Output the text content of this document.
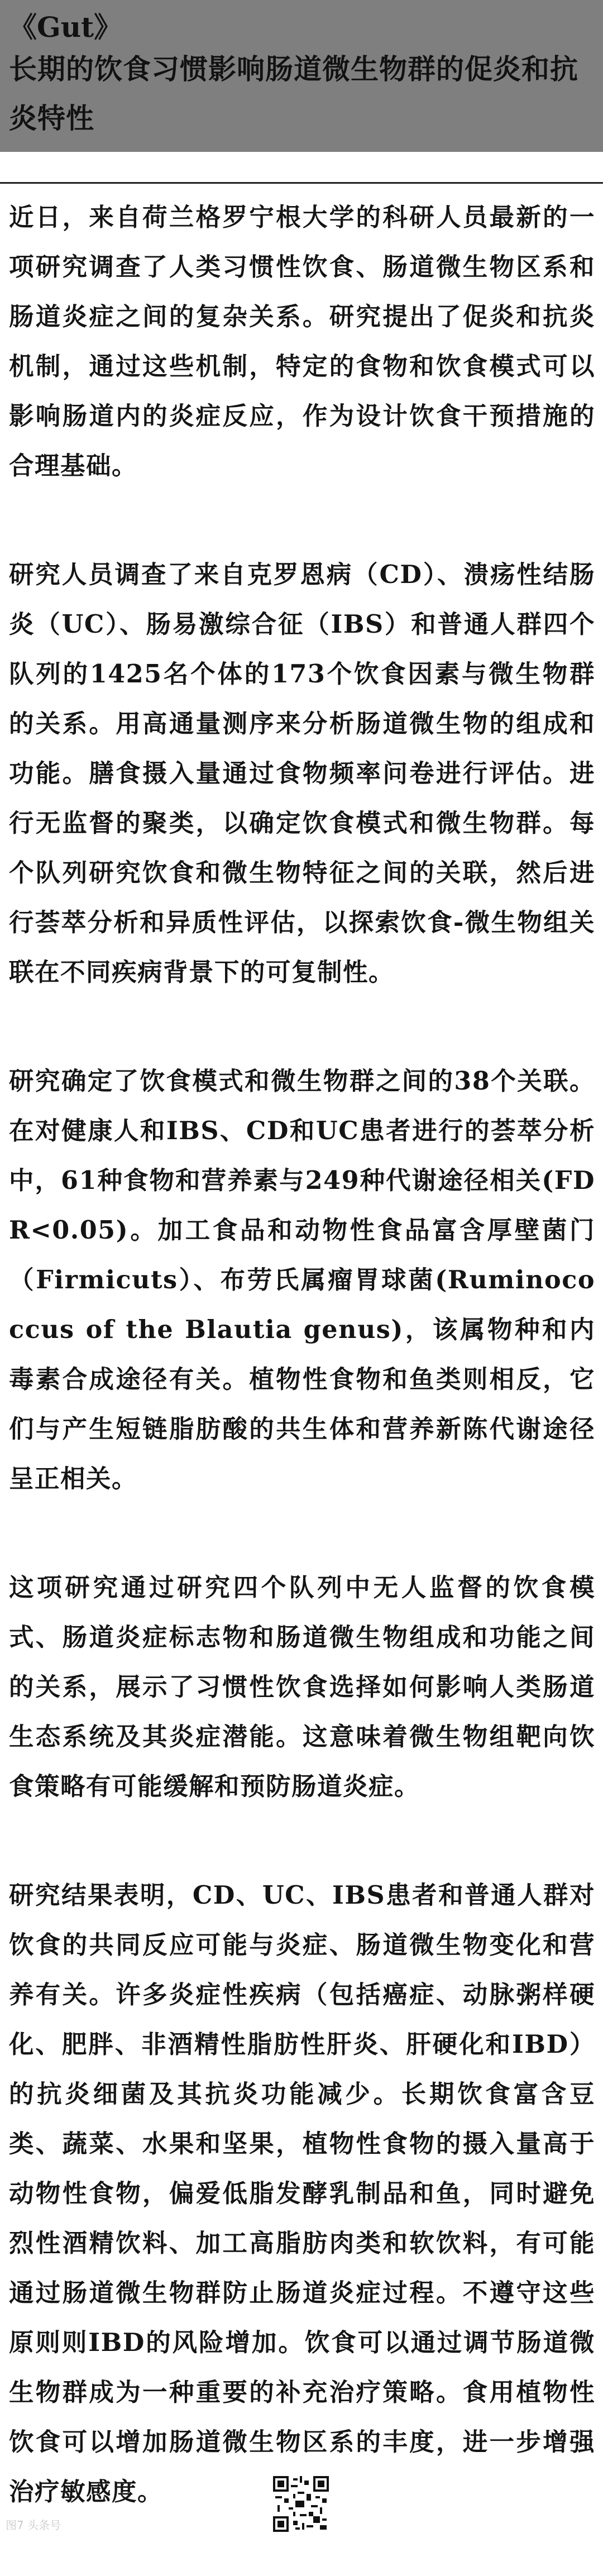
《Gut》
长期的饮食习惯影响肠道微生物群的促炎和抗炎特性

近日，来自荷兰格罗宁根大学的科研人员最新的一项研究调查了人类习惯性饮食、肠道微生物区系和肠道炎症之间的复杂关系。研究提出了促炎和抗炎机制，通过这些机制，特定的食物和饮食模式可以影响肠道内的炎症反应，作为设计饮食干预措施的合理基础。

研究人员调查了来自克罗恩病（CD）、溃疡性结肠炎（UC）、肠易激综合征（IBS）和普通人群四个队列的1425名个体的173个饮食因素与微生物群的关系。用高通量测序来分析肠道微生物的组成和功能。膳食摄入量通过食物频率问卷进行评估。进行无监督的聚类，以确定饮食模式和微生物群。每个队列研究饮食和微生物特征之间的关联，然后进行荟萃分析和异质性评估，以探索饮食-微生物组关联在不同疾病背景下的可复制性。

研究确定了饮食模式和微生物群之间的38个关联。在对健康人和IBS、CD和UC患者进行的荟萃分析中，61种食物和营养素与249种代谢途径相关(FDR<0.05)。加工食品和动物性食品富含厚壁菌门（Firmicuts）、布劳氏属瘤胃球菌(Ruminococcus of the Blautia genus)，该属物种和内毒素合成途径有关。植物性食物和鱼类则相反，它们与产生短链脂肪酸的共生体和营养新陈代谢途径呈正相关。

这项研究通过研究四个队列中无人监督的饮食模式、肠道炎症标志物和肠道微生物组成和功能之间的关系，展示了习惯性饮食选择如何影响人类肠道生态系统及其炎症潜能。这意味着微生物组靶向饮食策略有可能缓解和预防肠道炎症。

研究结果表明，CD、UC、IBS患者和普通人群对饮食的共同反应可能与炎症、肠道微生物变化和营养有关。许多炎症性疾病（包括癌症、动脉粥样硬化、肥胖、非酒精性脂肪性肝炎、肝硬化和IBD）的抗炎细菌及其抗炎功能减少。长期饮食富含豆类、蔬菜、水果和坚果，植物性食物的摄入量高于动物性食物，偏爱低脂发酵乳制品和鱼，同时避免烈性酒精饮料、加工高脂肪肉类和软饮料，有可能通过肠道微生物群防止肠道炎症过程。不遵守这些原则则IBD的风险增加。饮食可以通过调节肠道微生物群成为一种重要的补充治疗策略。食用植物性饮食可以增加肠道微生物区系的丰度，进一步增强治疗敏感度。

图7 头条号
